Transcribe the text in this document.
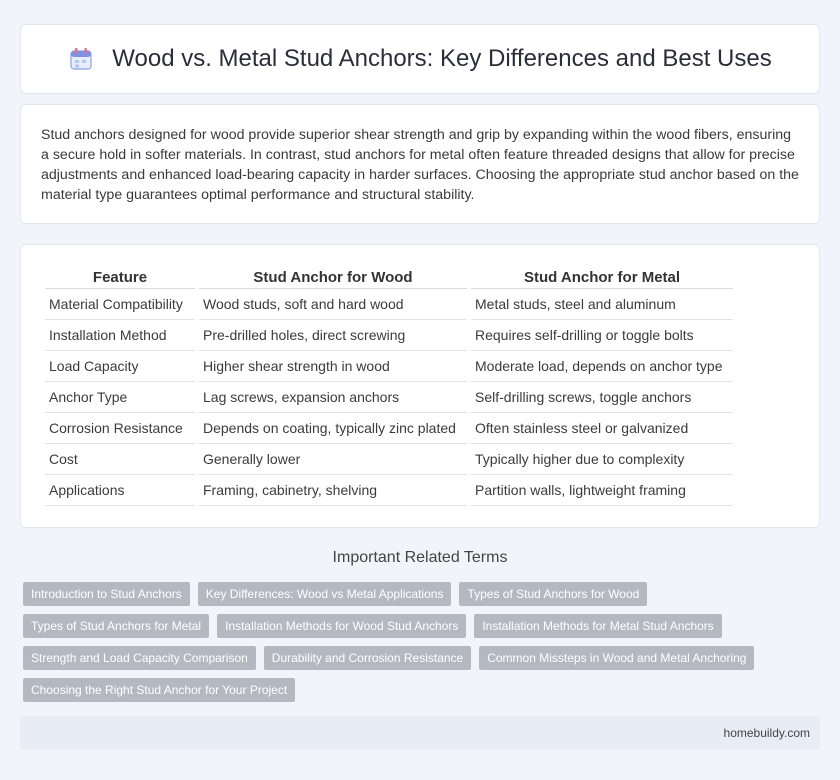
Wood vs. Metal Stud Anchors: Key Differences and Best Uses

Stud anchors designed for wood provide superior shear strength and grip by expanding within the wood fibers, ensuring a secure hold in softer materials. In contrast, stud anchors for metal often feature threaded designs that allow for precise adjustments and enhanced load-bearing capacity in harder surfaces. Choosing the appropriate stud anchor based on the material type guarantees optimal performance and structural stability.

Feature	Stud Anchor for Wood	Stud Anchor for Metal
Material Compatibility	Wood studs, soft and hard wood	Metal studs, steel and aluminum
Installation Method	Pre-drilled holes, direct screwing	Requires self-drilling or toggle bolts
Load Capacity	Higher shear strength in wood	Moderate load, depends on anchor type
Anchor Type	Lag screws, expansion anchors	Self-drilling screws, toggle anchors
Corrosion Resistance	Depends on coating, typically zinc plated	Often stainless steel or galvanized
Cost	Generally lower	Typically higher due to complexity
Applications	Framing, cabinetry, shelving	Partition walls, lightweight framing
Important Related Terms
Introduction to Stud Anchors	Key Differences: Wood vs Metal Applications	Types of Stud Anchors for Wood
Types of Stud Anchors for Metal	Installation Methods for Wood Stud Anchors	Installation Methods for Metal Stud Anchors
Strength and Load Capacity Comparison	Durability and Corrosion Resistance	Common Missteps in Wood and Metal Anchoring
Choosing the Right Stud Anchor for Your Project
homebuildy.com
